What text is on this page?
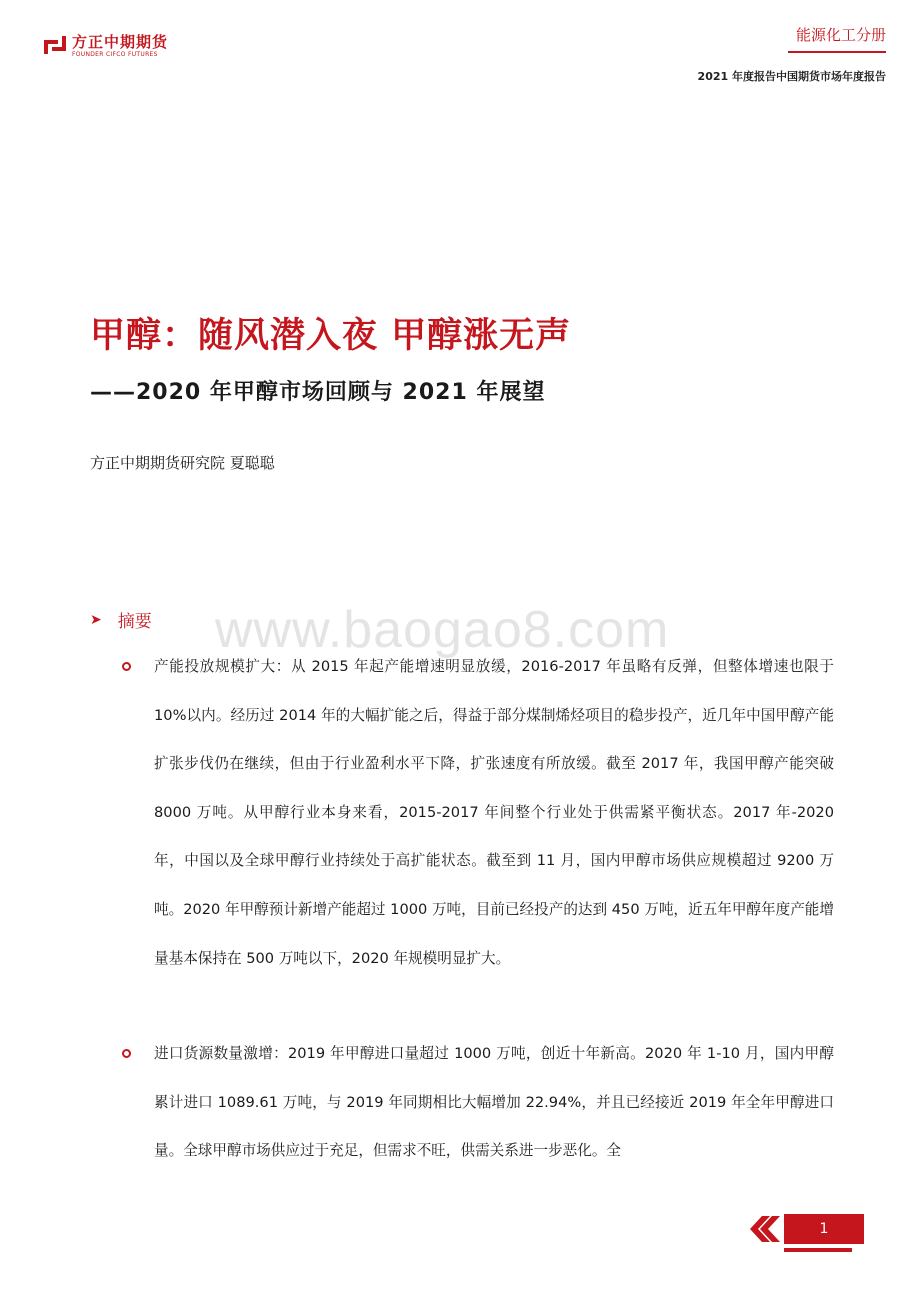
方正中期期货
FOUNDER CIFCO FUTURES
能源化工分册
2021 年度报告中国期货市场年度报告
甲醇：随风潜入夜 甲醇涨无声
——2020 年甲醇市场回顾与 2021 年展望
方正中期期货研究院 夏聪聪
www.baogao8.com
➤ 摘要
产能投放规模扩大：从 2015 年起产能增速明显放缓，2016-2017 年虽略有反弹，但整体增速也限于 10%以内。经历过 2014 年的大幅扩能之后，得益于部分煤制烯烃项目的稳步投产，近几年中国甲醇产能扩张步伐仍在继续，但由于行业盈利水平下降，扩张速度有所放缓。截至 2017 年，我国甲醇产能突破 8000 万吨。从甲醇行业本身来看，2015-2017 年间整个行业处于供需紧平衡状态。2017 年-2020 年，中国以及全球甲醇行业持续处于高扩能状态。截至到 11 月，国内甲醇市场供应规模超过 9200 万吨。2020 年甲醇预计新增产能超过 1000 万吨，目前已经投产的达到 450 万吨，近五年甲醇年度产能增量基本保持在 500 万吨以下，2020 年规模明显扩大。
进口货源数量激增：2019 年甲醇进口量超过 1000 万吨，创近十年新高。2020 年 1-10 月，国内甲醇累计进口 1089.61 万吨，与 2019 年同期相比大幅增加 22.94%，并且已经接近 2019 年全年甲醇进口量。全球甲醇市场供应过于充足，但需求不旺，供需关系进一步恶化。全
1
